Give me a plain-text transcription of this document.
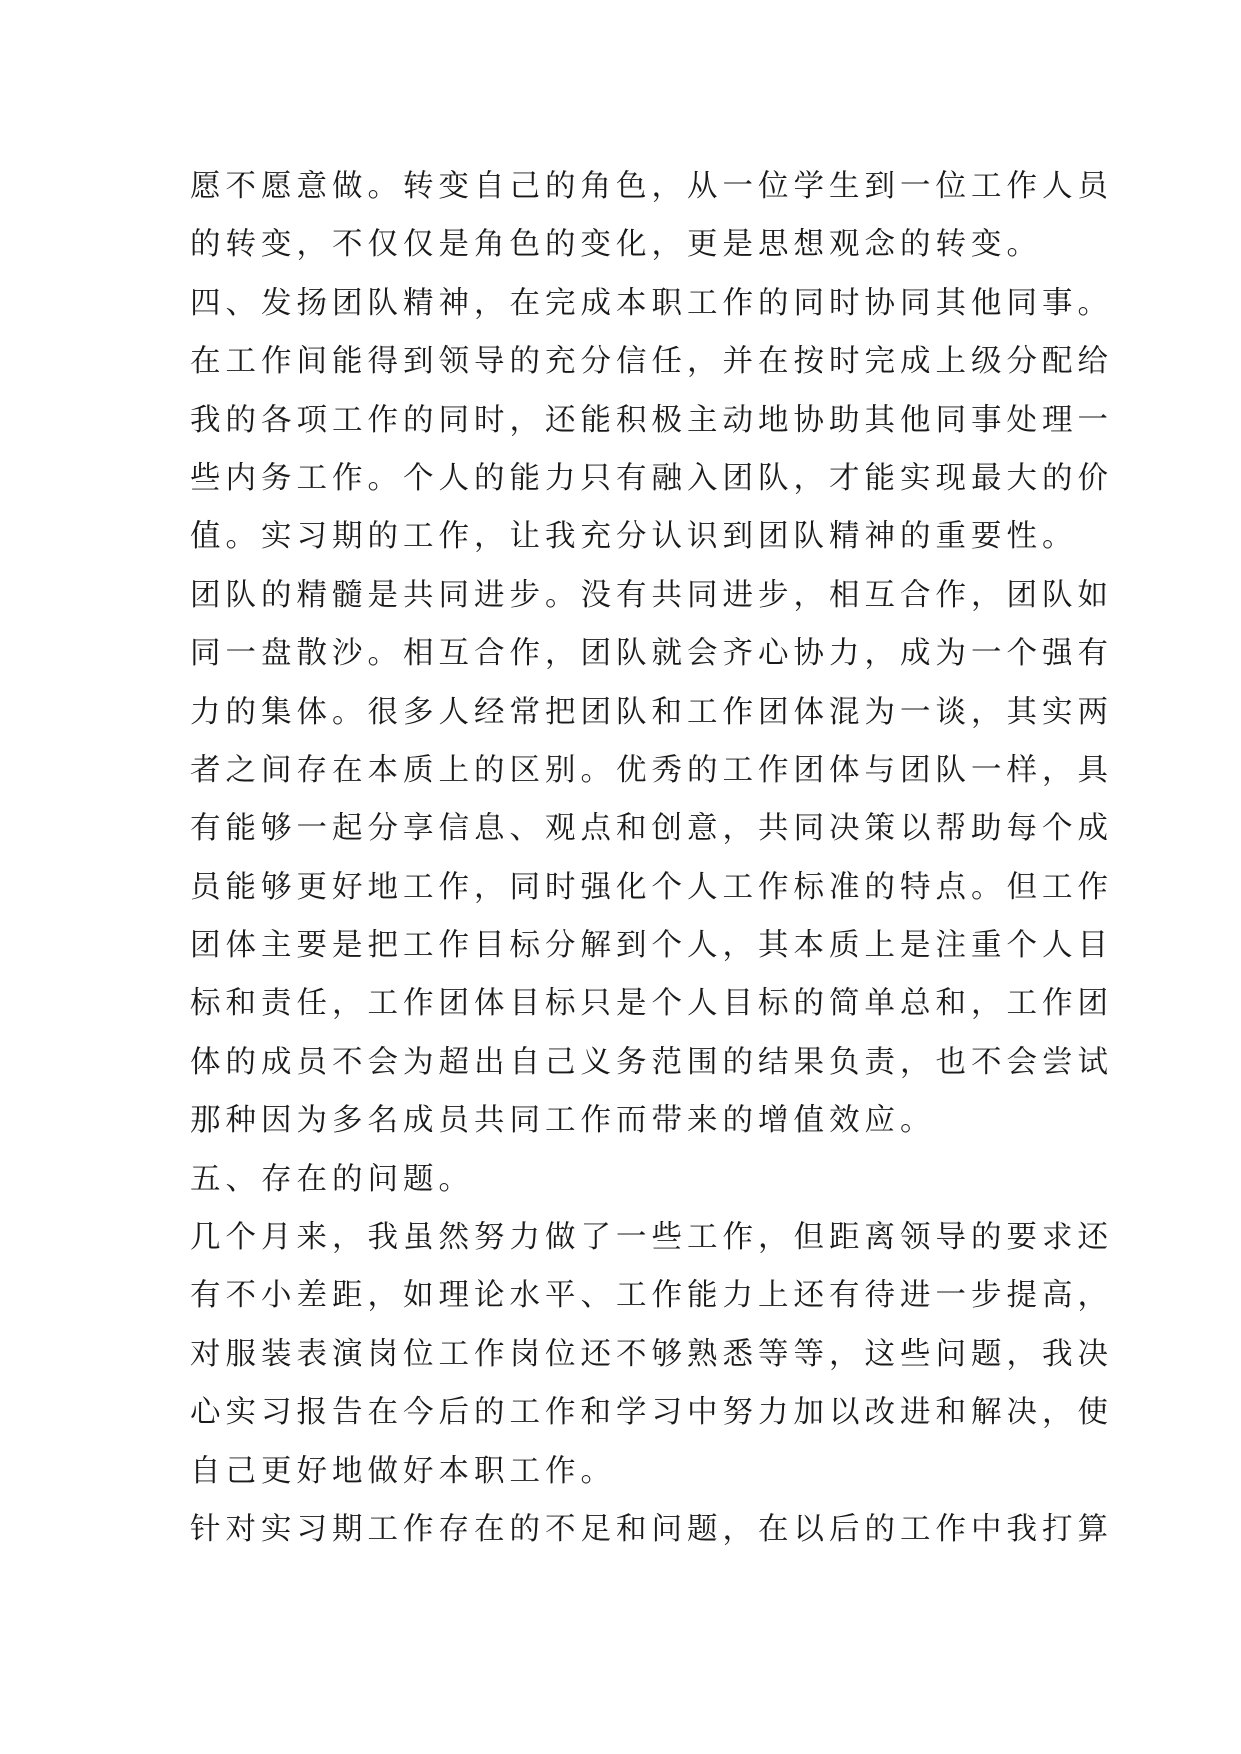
愿不愿意做。转变自己的角色，从一位学生到一位工作人员
的转变，不仅仅是角色的变化，更是思想观念的转变。
四、发扬团队精神，在完成本职工作的同时协同其他同事。
在工作间能得到领导的充分信任，并在按时完成上级分配给
我的各项工作的同时，还能积极主动地协助其他同事处理一
些内务工作。个人的能力只有融入团队，才能实现最大的价
值。实习期的工作，让我充分认识到团队精神的重要性。
团队的精髓是共同进步。没有共同进步，相互合作，团队如
同一盘散沙。相互合作，团队就会齐心协力，成为一个强有
力的集体。很多人经常把团队和工作团体混为一谈，其实两
者之间存在本质上的区别。优秀的工作团体与团队一样，具
有能够一起分享信息、观点和创意，共同决策以帮助每个成
员能够更好地工作，同时强化个人工作标准的特点。但工作
团体主要是把工作目标分解到个人，其本质上是注重个人目
标和责任，工作团体目标只是个人目标的简单总和，工作团
体的成员不会为超出自己义务范围的结果负责，也不会尝试
那种因为多名成员共同工作而带来的增值效应。
五、存在的问题。
几个月来，我虽然努力做了一些工作，但距离领导的要求还
有不小差距，如理论水平、工作能力上还有待进一步提高，
对服装表演岗位工作岗位还不够熟悉等等，这些问题，我决
心实习报告在今后的工作和学习中努力加以改进和解决，使
自己更好地做好本职工作。
针对实习期工作存在的不足和问题，在以后的工作中我打算
